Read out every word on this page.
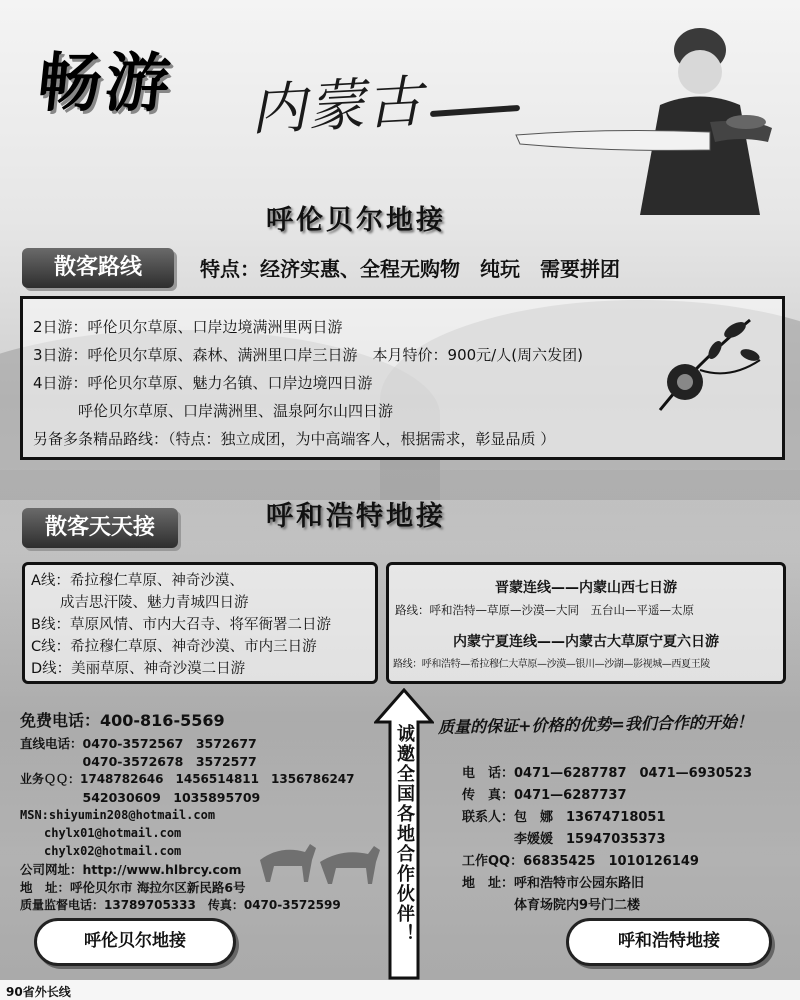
畅游 内蒙古
呼伦贝尔地接
散客路线	特点：经济实惠、全程无购物　纯玩　需要拼团
2日游：呼伦贝尔草原、口岸边境满洲里两日游
3日游：呼伦贝尔草原、森林、满洲里口岸三日游　本月特价：900元/人(周六发团)
4日游：呼伦贝尔草原、魅力名镇、口岸边境四日游
　　　呼伦贝尔草原、口岸满洲里、温泉阿尔山四日游
另备多条精品路线：（特点：独立成团，为中高端客人，根据需求，彰显品质 ）
呼和浩特地接
散客天天接
A线：希拉穆仁草原、神奇沙漠、
　　成吉思汗陵、魅力青城四日游
B线：草原风情、市内大召寺、将军衙署二日游
C线：希拉穆仁草原、神奇沙漠、市内三日游
D线：美丽草原、神奇沙漠二日游
晋蒙连线——内蒙山西七日游
路线：呼和浩特—草原—沙漠—大同　五台山—平遥—太原
内蒙宁夏连线——内蒙古大草原宁夏六日游
路线：呼和浩特—希拉穆仁大草原—沙漠—银川—沙湖—影视城—西夏王陵
质量的保证+价格的优势=我们合作的开始！
诚邀全国各地合作伙伴！
免费电话：400-816-5569
直线电话：0470-3572567　3572677
　　　　　0470-3572678　3572577
业务ＱＱ：1748782646　1456514811　1356786247
　　　　　542030609　1035895709
MSN:shiyumin208@hotmail.com
　　chylx01@hotmail.com
　　chylx02@hotmail.com
公司网址：http://www.hlbrcy.com
地　址：呼伦贝尔市 海拉尔区新民路6号
质量监督电话：13789705333　传真：0470-3572599
电　话：0471—6287787　0471—6930523
传　真：0471—6287737
联系人：包　娜　13674718051
　　　　李媛媛　15947035373
工作QQ：66835425　1010126149
地　址：呼和浩特市公园东路旧
　　　　体育场院内9号门二楼
呼伦贝尔地接	呼和浩特地接
90省外长线
